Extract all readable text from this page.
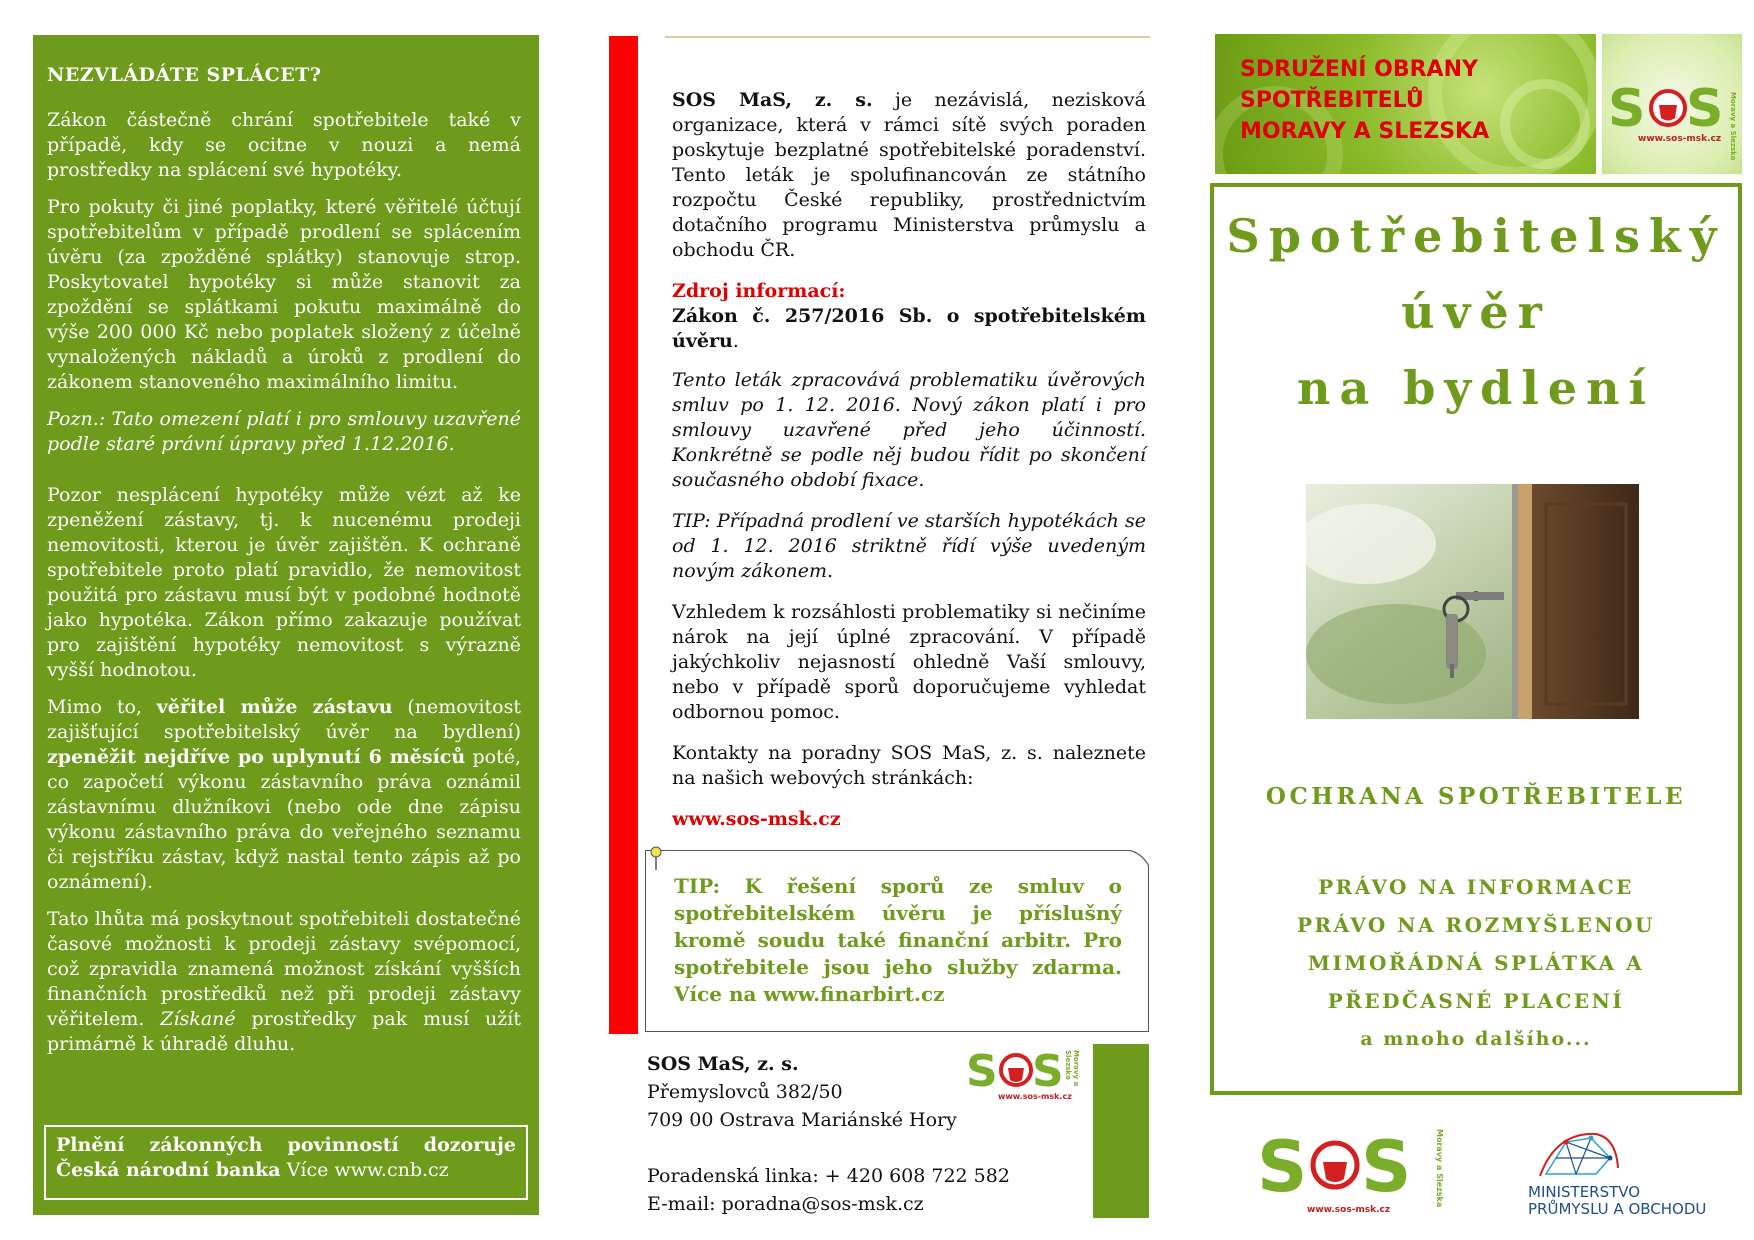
NEZVLÁDÁTE SPLÁCET?

Zákon částečně chrání spotřebitele také v případě, kdy se ocitne v nouzi a nemá prostředky na splácení své hypotéky.

Pro pokuty či jiné poplatky, které věřitelé účtují spotřebitelům v případě prodlení se splácením úvěru (za zpožděné splátky) stanovuje strop. Poskytovatel hypotéky si může stanovit za zpoždění se splátkami pokutu maximálně do výše 200 000 Kč nebo poplatek složený z účelně vynaložených nákladů a úroků z prodlení do zákonem stanoveného maximálního limitu.

Pozn.: Tato omezení platí i pro smlouvy uzavřené podle staré právní úpravy před 1.12.2016.

Pozor nesplácení hypotéky může vézt až ke zpeněžení zástavy, tj. k nucenému prodeji nemovitosti, kterou je úvěr zajištěn. K ochraně spotřebitele proto platí pravidlo, že nemovitost použitá pro zástavu musí být v podobné hodnotě jako hypotéka. Zákon přímo zakazuje používat pro zajištění hypotéky nemovitost s výrazně vyšší hodnotou.

Mimo to, věřitel může zástavu (nemovitost zajišťující spotřebitelský úvěr na bydlení) zpeněžit nejdříve po uplynutí 6 měsíců poté, co započetí výkonu zástavního práva oznámil zástavnímu dlužníkovi (nebo ode dne zápisu výkonu zástavního práva do veřejného seznamu či rejstříku zástav, když nastal tento zápis až po oznámení).

Tato lhůta má poskytnout spotřebiteli dostatečné časové možnosti k prodeji zástavy svépomocí, což zpravidla znamená možnost získání vyšších finančních prostředků než při prodeji zástavy věřitelem. Získané prostředky pak musí užít primárně k úhradě dluhu.

Plnění zákonných povinností dozoruje Česká národní banka Více www.cnb.cz

SOS MaS, z. s. je nezávislá, nezisková organizace, která v rámci sítě svých poraden poskytuje bezplatné spotřebitelské poradenství. Tento leták je spolufinancován ze státního rozpočtu České republiky, prostřednictvím dotačního programu Ministerstva průmyslu a obchodu ČR.

Zdroj informací:
Zákon č. 257/2016 Sb. o spotřebitelském úvěru.

Tento leták zpracovává problematiku úvěrových smluv po 1. 12. 2016. Nový zákon platí i pro smlouvy uzavřené před jeho účinností. Konkrétně se podle něj budou řídit po skončení současného období fixace.

TIP: Případná prodlení ve starších hypotékách se od 1. 12. 2016 striktně řídí výše uvedeným novým zákonem.

Vzhledem k rozsáhlosti problematiky si nečiníme nárok na její úplné zpracování. V případě jakýchkoliv nejasností ohledně Vaší smlouvy, nebo v případě sporů doporučujeme vyhledat odbornou pomoc.

Kontakty na poradny SOS MaS, z. s. naleznete na našich webových stránkách:

www.sos-msk.cz

TIP: K řešení sporů ze smluv o spotřebitelském úvěru je příslušný kromě soudu také finanční arbitr. Pro spotřebitele jsou jeho služby zdarma. Více na www.finarbirt.cz
SOS MaS, z. s.
Přemyslovců 382/50
709 00 Ostrava Mariánské Hory
Poradenská linka: + 420 608 722 582
E-mail: poradna@sos-msk.cz
S S
www.sos-msk.cz
Moravy a Slezska
SDRUŽENÍ OBRANY
SPOTŘEBITELŮ
MORAVY A SLEZSKA S S
www.sos-msk.cz Moravy a Slezska
Spotřebitelský
úvěr
na bydlení
OCHRANA SPOTŘEBITELE
PRÁVO NA INFORMACE
PRÁVO NA ROZMYŠLENOU
MIMOŘÁDNÁ SPLÁTKA A
PŘEDČASNÉ PLACENÍ
a mnoho dalšího...
S S
www.sos-msk.cz
Moravy a Slezska	MINISTERSTVO
PRŮMYSLU A OBCHODU
